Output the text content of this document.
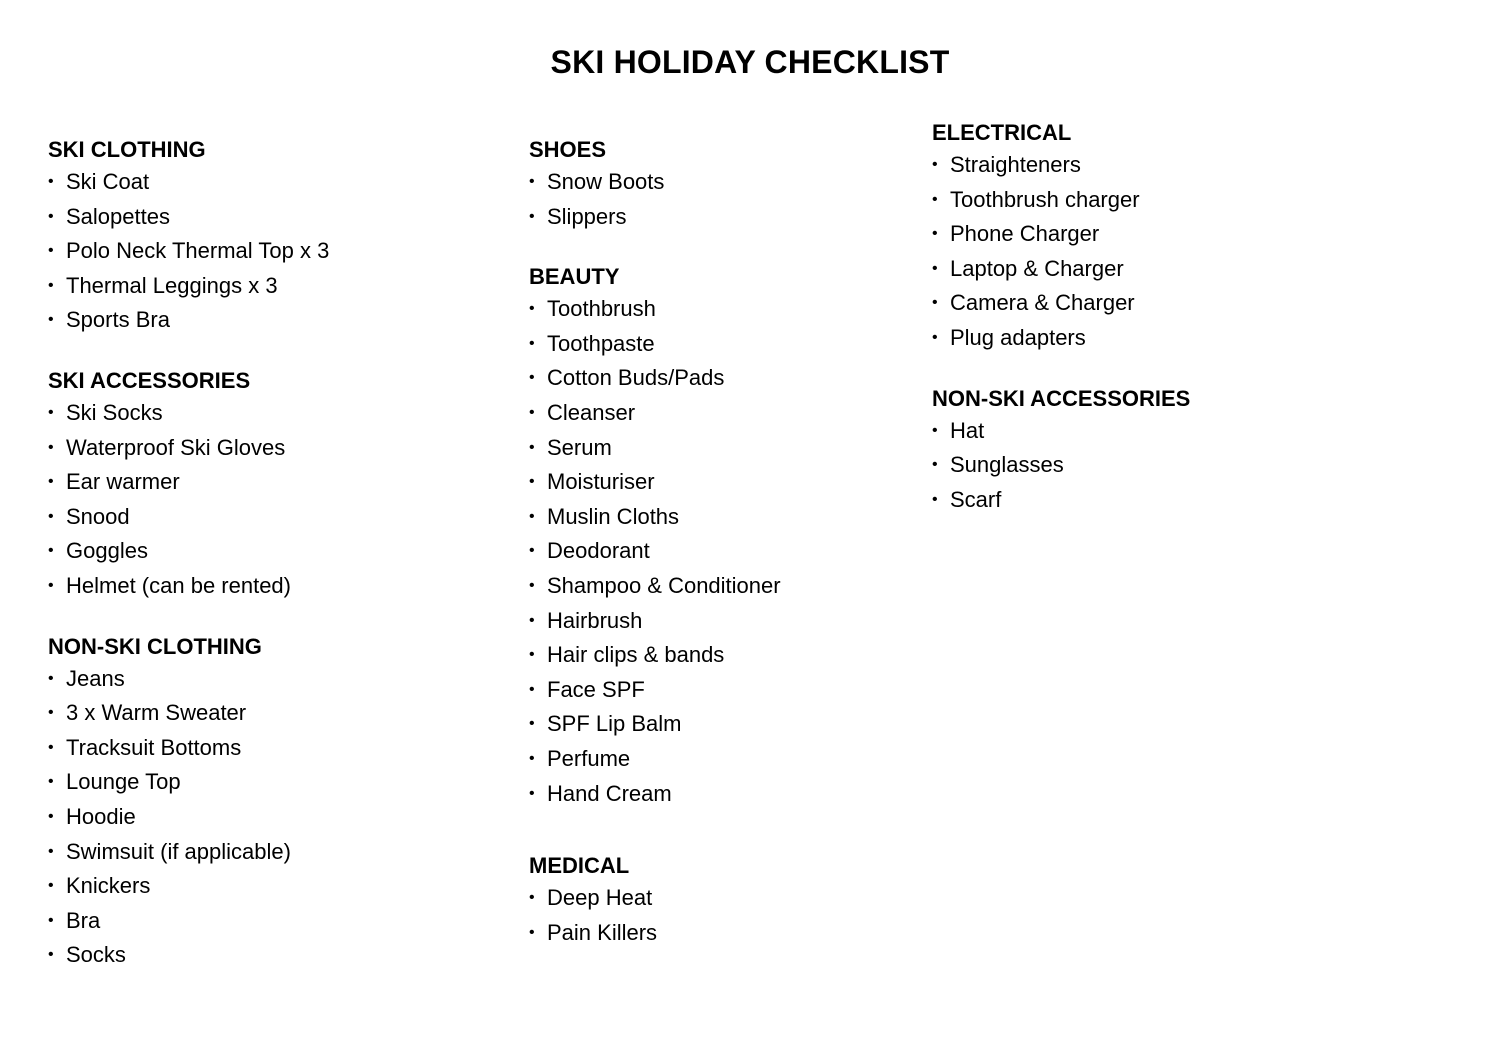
SKI HOLIDAY CHECKLIST
SKI CLOTHING
• Ski Coat
• Salopettes
• Polo Neck Thermal Top x 3
• Thermal Leggings x 3
• Sports Bra
SKI ACCESSORIES
• Ski Socks
• Waterproof Ski Gloves
• Ear warmer
• Snood
• Goggles
• Helmet (can be rented)
NON-SKI CLOTHING
• Jeans
• 3 x Warm Sweater
• Tracksuit Bottoms
• Lounge Top
• Hoodie
• Swimsuit (if applicable)
• Knickers
• Bra
• Socks
SHOES
• Snow Boots
• Slippers
BEAUTY
• Toothbrush
• Toothpaste
• Cotton Buds/Pads
• Cleanser
• Serum
• Moisturiser
• Muslin Cloths
• Deodorant
• Shampoo & Conditioner
• Hairbrush
• Hair clips & bands
• Face SPF
• SPF Lip Balm
• Perfume
• Hand Cream
MEDICAL
• Deep Heat
• Pain Killers
ELECTRICAL
• Straighteners
• Toothbrush charger
• Phone Charger
• Laptop & Charger
• Camera & Charger
• Plug adapters
NON-SKI ACCESSORIES
• Hat
• Sunglasses
• Scarf
